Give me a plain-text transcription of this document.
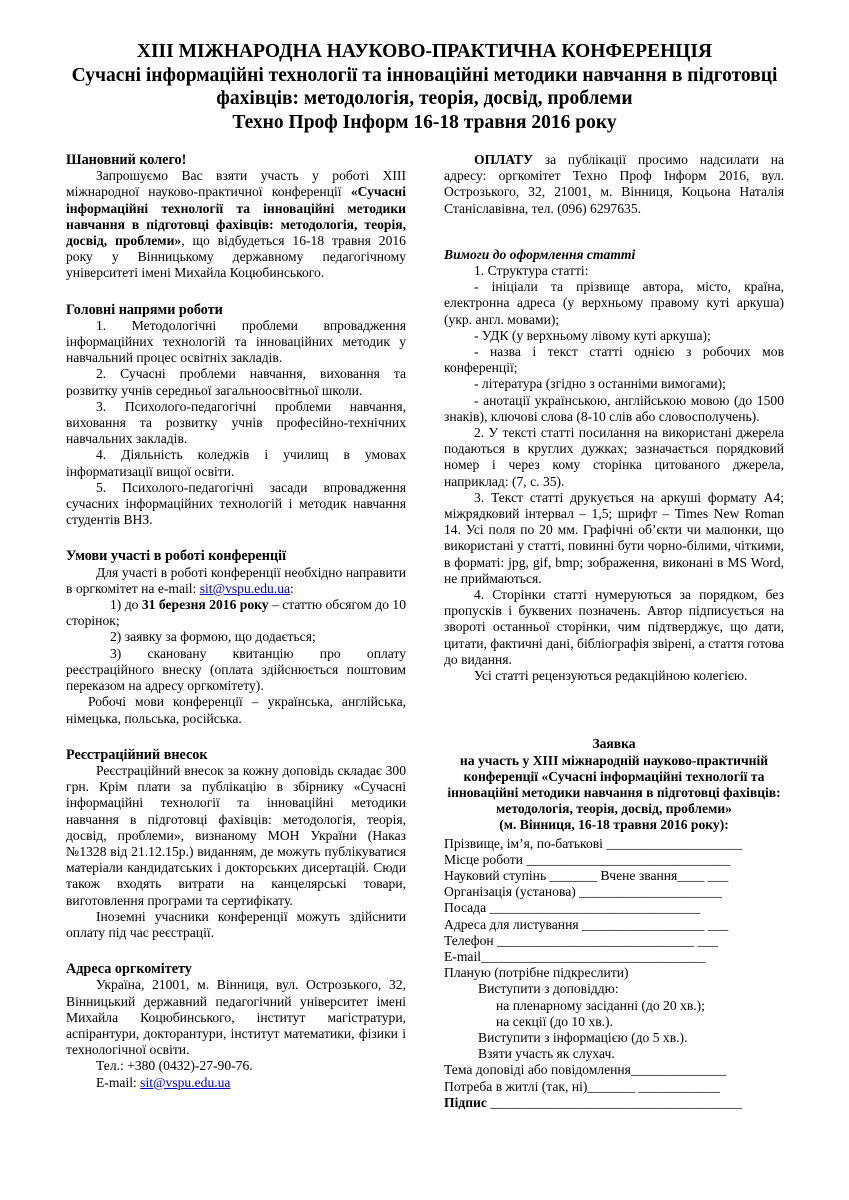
ХІІІ МІЖНАРОДНА НАУКОВО-ПРАКТИЧНА КОНФЕРЕНЦІЯ
Сучасні інформаційні технології та інноваційні методики навчання в підготовці
фахівців: методологія, теорія, досвід, проблеми
Техно Проф Інформ 16-18 травня 2016 року

Шановний колего!

Запрошуємо Вас взяти участь у роботі ХІІІ міжнародної науково-практичної конференції «Сучасні інформаційні технології та інноваційні методики навчання в підготовці фахівців: методологія, теорія, досвід, проблеми», що відбудеться 16-18 травня 2016 року у Вінницькому державному педагогічному університеті імені Михайла Коцюбинського.

Головні напрями роботи

1. Методологічні проблеми впровадження інформаційних технологій та інноваційних методик у навчальний процес освітніх закладів.

2. Сучасні проблеми навчання, виховання та розвитку учнів середньої загальноосвітньої школи.

3. Психолого-педагогічні проблеми навчання, виховання та розвитку учнів професійно-технічних навчальних закладів.

4. Діяльність коледжів і училищ в умовах інформатизації вищої освіти.

5. Психолого-педагогічні засади впровадження сучасних інформаційних технологій і методик навчання студентів ВНЗ.

Умови участі в роботі конференції

Для участі в роботі конференції необхідно направити в оргкомітет на e-mail: sit@vspu.edu.ua:

1) до 31 березня 2016 року – статтю обсягом до 10 сторінок;

2) заявку за формою, що додається;

3) скановану квитанцію про оплату реєстраційного внеску (оплата здійснюється поштовим переказом на адресу оргкомітету).

Робочі мови конференції – українська, англійська, німецька, польська, російська.

Реєстраційний внесок

Реєстраційний внесок за кожну доповідь складає 300 грн. Крім плати за публікацію в збірнику «Сучасні інформаційні технології та інноваційні методики навчання в підготовці фахівців: методологія, теорія, досвід, проблеми», визнаному МОН України (Наказ №1328 від 21.12.15р.) виданням, де можуть публікуватися матеріали кандидатських і докторських дисертацій. Сюди також входять витрати на канцелярські товари, виготовлення програми та сертифікату.

Іноземні учасники конференції можуть здійснити оплату під час реєстрації.

Адреса оргкомітету

Україна, 21001, м. Вінниця, вул. Острозького, 32, Вінницький державний педагогічний університет імені Михайла Коцюбинського, інститут магістратури, аспірантури, докторантури, інститут математики, фізики і технологічної освіти.

Тел.: +380 (0432)-27-90-76.

E-mail: sit@vspu.edu.ua

ОПЛАТУ за публікації просимо надсилати на адресу: оргкомітет Техно Проф Інформ 2016, вул. Острозького, 32, 21001, м. Вінниця, Коцьона Наталія Станіславівна, тел. (096) 6297635.

Вимоги до оформлення статті

1. Структура статті:

- ініціали та прізвище автора, місто, країна, електронна адреса (у верхньому правому куті аркуша) (укр. англ. мовами);

- УДК (у верхньому лівому куті аркуша);

- назва і текст статті однією з робочих мов конференції;

- література (згідно з останніми вимогами);

- анотації українською, англійською мовою (до 1500 знаків), ключові слова (8-10 слів або словосполучень).

2. У тексті статті посилання на використані джерела подаються в круглих дужках; зазначається порядковий номер і через кому сторінка цитованого джерела, наприклад: (7, с. 35).

3. Текст статті друкується на аркуші формату А4; міжрядковий інтервал – 1,5; шрифт – Times New Roman 14. Усі поля по 20 мм. Графічні об’єкти чи малюнки, що використані у статті, повинні бути чорно-білими, чіткими, в форматі: jpg, gif, bmp; зображення, виконані в MS Word, не приймаються.

4. Сторінки статті нумеруються за порядком, без пропусків і буквених позначень. Автор підписується на звороті останньої сторінки, чим підтверджує, що дати, цитати, фактичні дані, бібліографія звірені, а стаття готова до видання.

Усі статті рецензуються редакційною колегією.

Заявка
на участь у ХІІІ міжнародній науково-практичній
конференції «Сучасні інформаційні технології та
інноваційні методики навчання в підготовці фахівців:
методологія, теорія, досвід, проблеми»
(м. Вінниця, 16-18 травня 2016 року):

Прізвище, ім’я, по-батькові ____________________

Місце роботи ______________________________

Науковий ступінь _______ Вчене звання____ ___

Організація (установа) _____________________

Посада _______________________________

Адреса для листування __________________ ___

Телефон _____________________________ ___

E-mail_________________________________

Планую (потрібне підкреслити)

Виступити з доповіддю:

на пленарному засіданні (до 20 хв.);

на секції (до 10 хв.).

Виступити з інформацією (до 5 хв.).

Взяти участь як слухач.

Тема доповіді або повідомлення______________

Потреба в житлі (так, ні)_______ ____________

Підпис _____________________________________
